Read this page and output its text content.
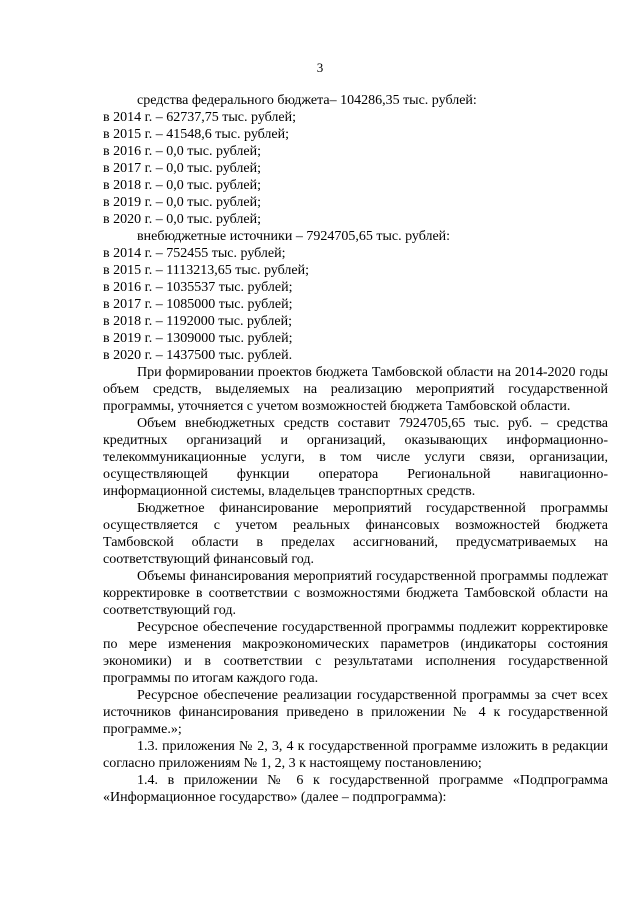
3

средства федерального бюджета– 104286,35 тыс. рублей:

в 2014 г. – 62737,75 тыс. рублей;

в 2015 г. – 41548,6 тыс. рублей;

в 2016 г. – 0,0 тыс. рублей;

в 2017 г. – 0,0 тыс. рублей;

в 2018 г. – 0,0 тыс. рублей;

в 2019 г. – 0,0 тыс. рублей;

в 2020 г. – 0,0 тыс. рублей;

внебюджетные источники – 7924705,65 тыс. рублей:

в 2014 г. – 752455 тыс. рублей;

в 2015 г. – 1113213,65 тыс. рублей;

в 2016 г. – 1035537 тыс. рублей;

в 2017 г. – 1085000 тыс. рублей;

в 2018 г. – 1192000 тыс. рублей;

в 2019 г. – 1309000 тыс. рублей;

в 2020 г. – 1437500 тыс. рублей.

При формировании проектов бюджета Тамбовской области на 2014-2020 годы объем средств, выделяемых на реализацию мероприятий государственной программы, уточняется с учетом возможностей бюджета Тамбовской области.

Объем внебюджетных средств составит 7924705,65 тыс. руб. – средства кредитных организаций и организаций, оказывающих информационно-телекоммуникационные услуги, в том числе услуги связи, организации, осуществляющей функции оператора Региональной навигационно-информационной системы, владельцев транспортных средств.

Бюджетное финансирование мероприятий государственной программы осуществляется с учетом реальных финансовых возможностей бюджета Тамбовской области в пределах ассигнований, предусматриваемых на соответствующий финансовый год.

Объемы финансирования мероприятий государственной программы подлежат корректировке в соответствии с возможностями бюджета Тамбовской области на соответствующий год.

Ресурсное обеспечение государственной программы подлежит корректировке по мере изменения макроэкономических параметров (индикаторы состояния экономики) и в соответствии с результатами исполнения государственной программы по итогам каждого года.

Ресурсное обеспечение реализации государственной программы за счет всех источников финансирования приведено в приложении № 4 к государственной программе.»;

1.3. приложения № 2, 3, 4 к государственной программе изложить в редакции согласно приложениям № 1, 2, 3 к настоящему постановлению;

1.4. в приложении № 6 к государственной программе «Подпрограмма «Информационное государство» (далее – подпрограмма):
